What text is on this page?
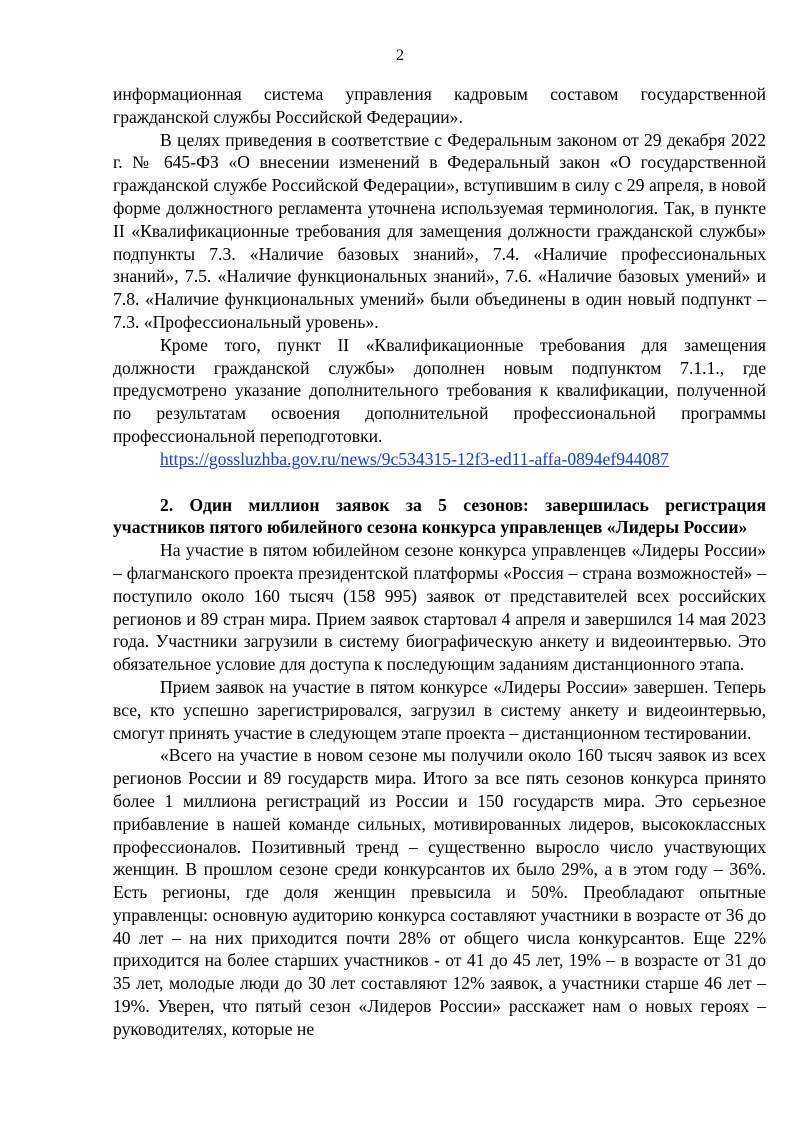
2

информационная система управления кадровым составом государственной гражданской службы Российской Федерации».

В целях приведения в соответствие с Федеральным законом от 29 декабря 2022 г. № 645-ФЗ «О внесении изменений в Федеральный закон «О государственной гражданской службе Российской Федерации», вступившим в силу с 29 апреля, в новой форме должностного регламента уточнена используемая терминология. Так, в пункте II «Квалификационные требования для замещения должности гражданской службы» подпункты 7.3. «Наличие базовых знаний», 7.4. «Наличие профессиональных знаний», 7.5. «Наличие функциональных знаний», 7.6. «Наличие базовых умений» и 7.8. «Наличие функциональных умений» были объединены в один новый подпункт – 7.3. «Профессиональный уровень».

Кроме того, пункт II «Квалификационные требования для замещения должности гражданской службы» дополнен новым подпунктом 7.1.1., где предусмотрено указание дополнительного требования к квалификации, полученной по результатам освоения дополнительной профессиональной программы профессиональной переподготовки.

https://gossluzhba.gov.ru/news/9c534315-12f3-ed11-affa-0894ef944087

2. Один миллион заявок за 5 сезонов: завершилась регистрация участников пятого юбилейного сезона конкурса управленцев «Лидеры России»

На участие в пятом юбилейном сезоне конкурса управленцев «Лидеры России» – флагманского проекта президентской платформы «Россия – страна возможностей» – поступило около 160 тысяч (158 995) заявок от представителей всех российских регионов и 89 стран мира. Прием заявок стартовал 4 апреля и завершился 14 мая 2023 года. Участники загрузили в систему биографическую анкету и видеоинтервью. Это обязательное условие для доступа к последующим заданиям дистанционного этапа.

Прием заявок на участие в пятом конкурсе «Лидеры России» завершен. Теперь все, кто успешно зарегистрировался, загрузил в систему анкету и видеоинтервью, смогут принять участие в следующем этапе проекта – дистанционном тестировании.

«Всего на участие в новом сезоне мы получили около 160 тысяч заявок из всех регионов России и 89 государств мира. Итого за все пять сезонов конкурса принято более 1 миллиона регистраций из России и 150 государств мира. Это серьезное прибавление в нашей команде сильных, мотивированных лидеров, высококлассных профессионалов. Позитивный тренд – существенно выросло число участвующих женщин. В прошлом сезоне среди конкурсантов их было 29%, а в этом году – 36%. Есть регионы, где доля женщин превысила и 50%. Преобладают опытные управленцы: основную аудиторию конкурса составляют участники в возрасте от 36 до 40 лет – на них приходится почти 28% от общего числа конкурсантов. Еще 22% приходится на более старших участников - от 41 до 45 лет, 19% – в возрасте от 31 до 35 лет, молодые люди до 30 лет составляют 12% заявок, а участники старше 46 лет – 19%. Уверен, что пятый сезон «Лидеров России» расскажет нам о новых героях – руководителях, которые не
